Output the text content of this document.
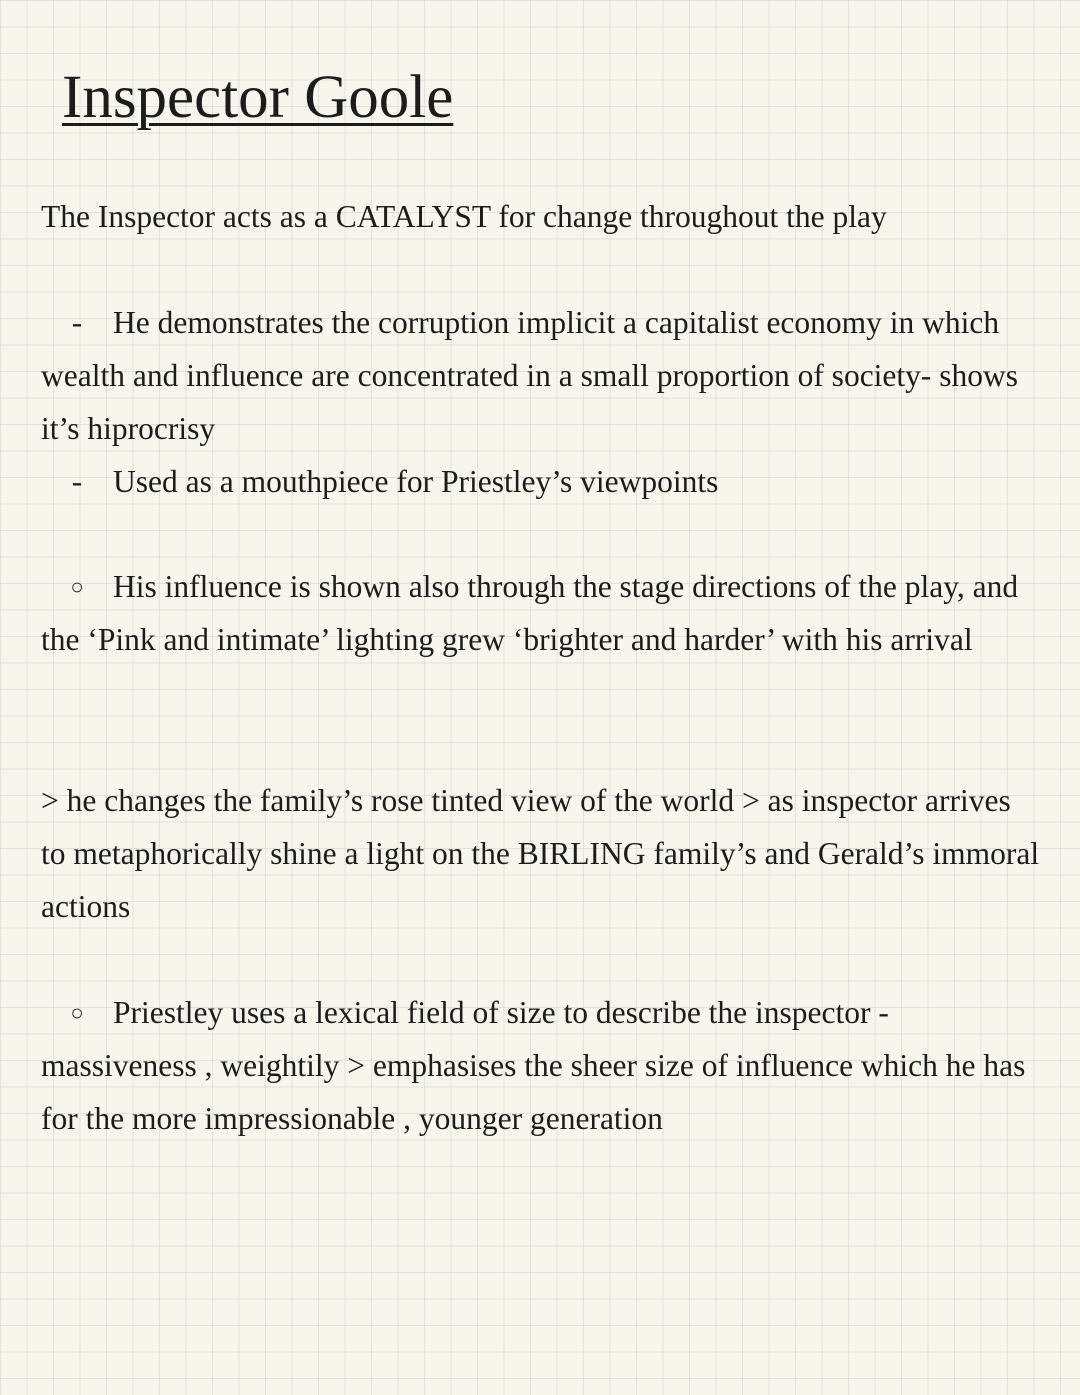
Inspector Goole

The Inspector acts as a CATALYST for change throughout the play

- He demonstrates the corruption implicit a capitalist economy in which wealth and influence are concentrated in a small proportion of society- shows it’s hiprocrisy

- Used as a mouthpiece for Priestley’s viewpoints

○ His influence is shown also through the stage directions of the play, and the ‘Pink and intimate’ lighting grew ‘brighter and harder’ with his arrival

> he changes the family’s rose tinted view of the world > as inspector arrives to metaphorically shine a light on the BIRLING family’s and Gerald’s immoral actions

○ Priestley uses a lexical field of size to describe the inspector - massiveness , weightily > emphasises the sheer size of influence which he has for the more impressionable , younger generation
